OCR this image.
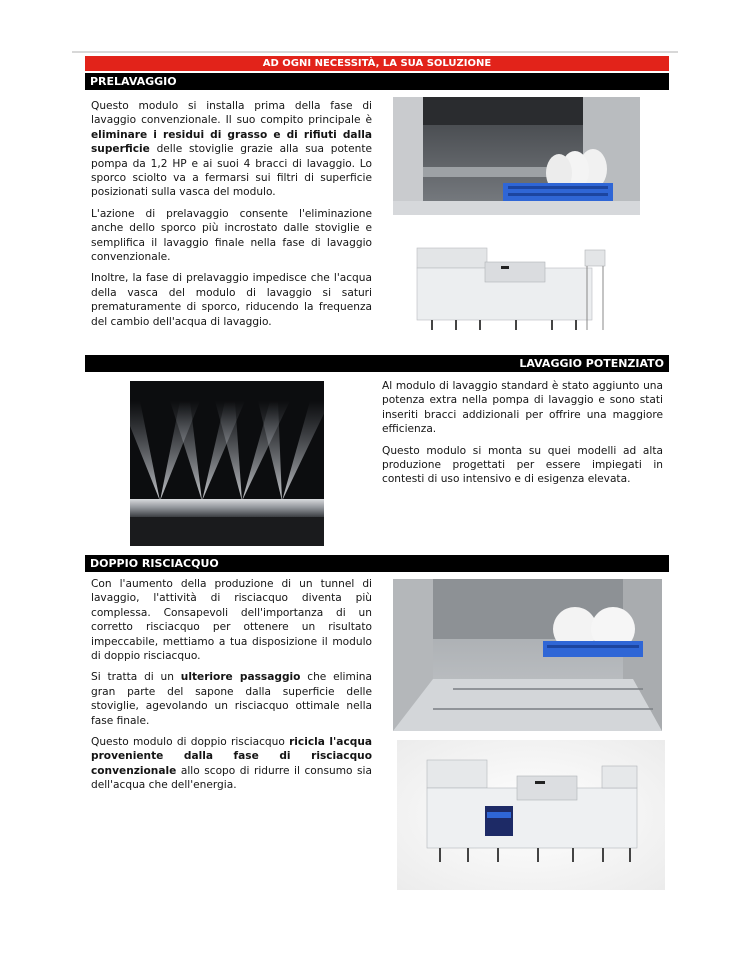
AD OGNI NECESSITÀ, LA SUA SOLUZIONE
PRELAVAGGIO

Questo modulo si installa prima della fase di lavaggio convenzionale. Il suo compito principale è eliminare i residui di grasso e di rifiuti dalla superficie delle stoviglie grazie alla sua potente pompa da 1,2 HP e ai suoi 4 bracci di lavaggio. Lo sporco sciolto va a fermarsi sui filtri di superficie posizionati sulla vasca del modulo.

L'azione di prelavaggio consente l'eliminazione anche dello sporco più incrostato dalle stoviglie e semplifica il lavaggio finale nella fase di lavaggio convenzionale.

Inoltre, la fase di prelavaggio impedisce che l'acqua della vasca del modulo di lavaggio si saturi prematuramente di sporco, riducendo la frequenza del cambio dell'acqua di lavaggio.

LAVAGGIO POTENZIATO

Al modulo di lavaggio standard è stato aggiunto una potenza extra nella pompa di lavaggio e sono stati inseriti bracci addizionali per offrire una maggiore efficienza.

Questo modulo si monta su quei modelli ad alta produzione progettati per essere impiegati in contesti di uso intensivo e di esigenza elevata.

DOPPIO RISCIACQUO

Con l'aumento della produzione di un tunnel di lavaggio, l'attività di risciacquo diventa più complessa. Consapevoli dell'importanza di un corretto risciacquo per ottenere un risultato impeccabile, mettiamo a tua disposizione il modulo di doppio risciacquo.

Si tratta di un ulteriore passaggio che elimina gran parte del sapone dalla superficie delle stoviglie, agevolando un risciacquo ottimale nella fase finale.

Questo modulo di doppio risciacquo ricicla l'acqua proveniente dalla fase di risciacquo convenzionale allo scopo di ridurre il consumo sia dell'acqua che dell'energia.
